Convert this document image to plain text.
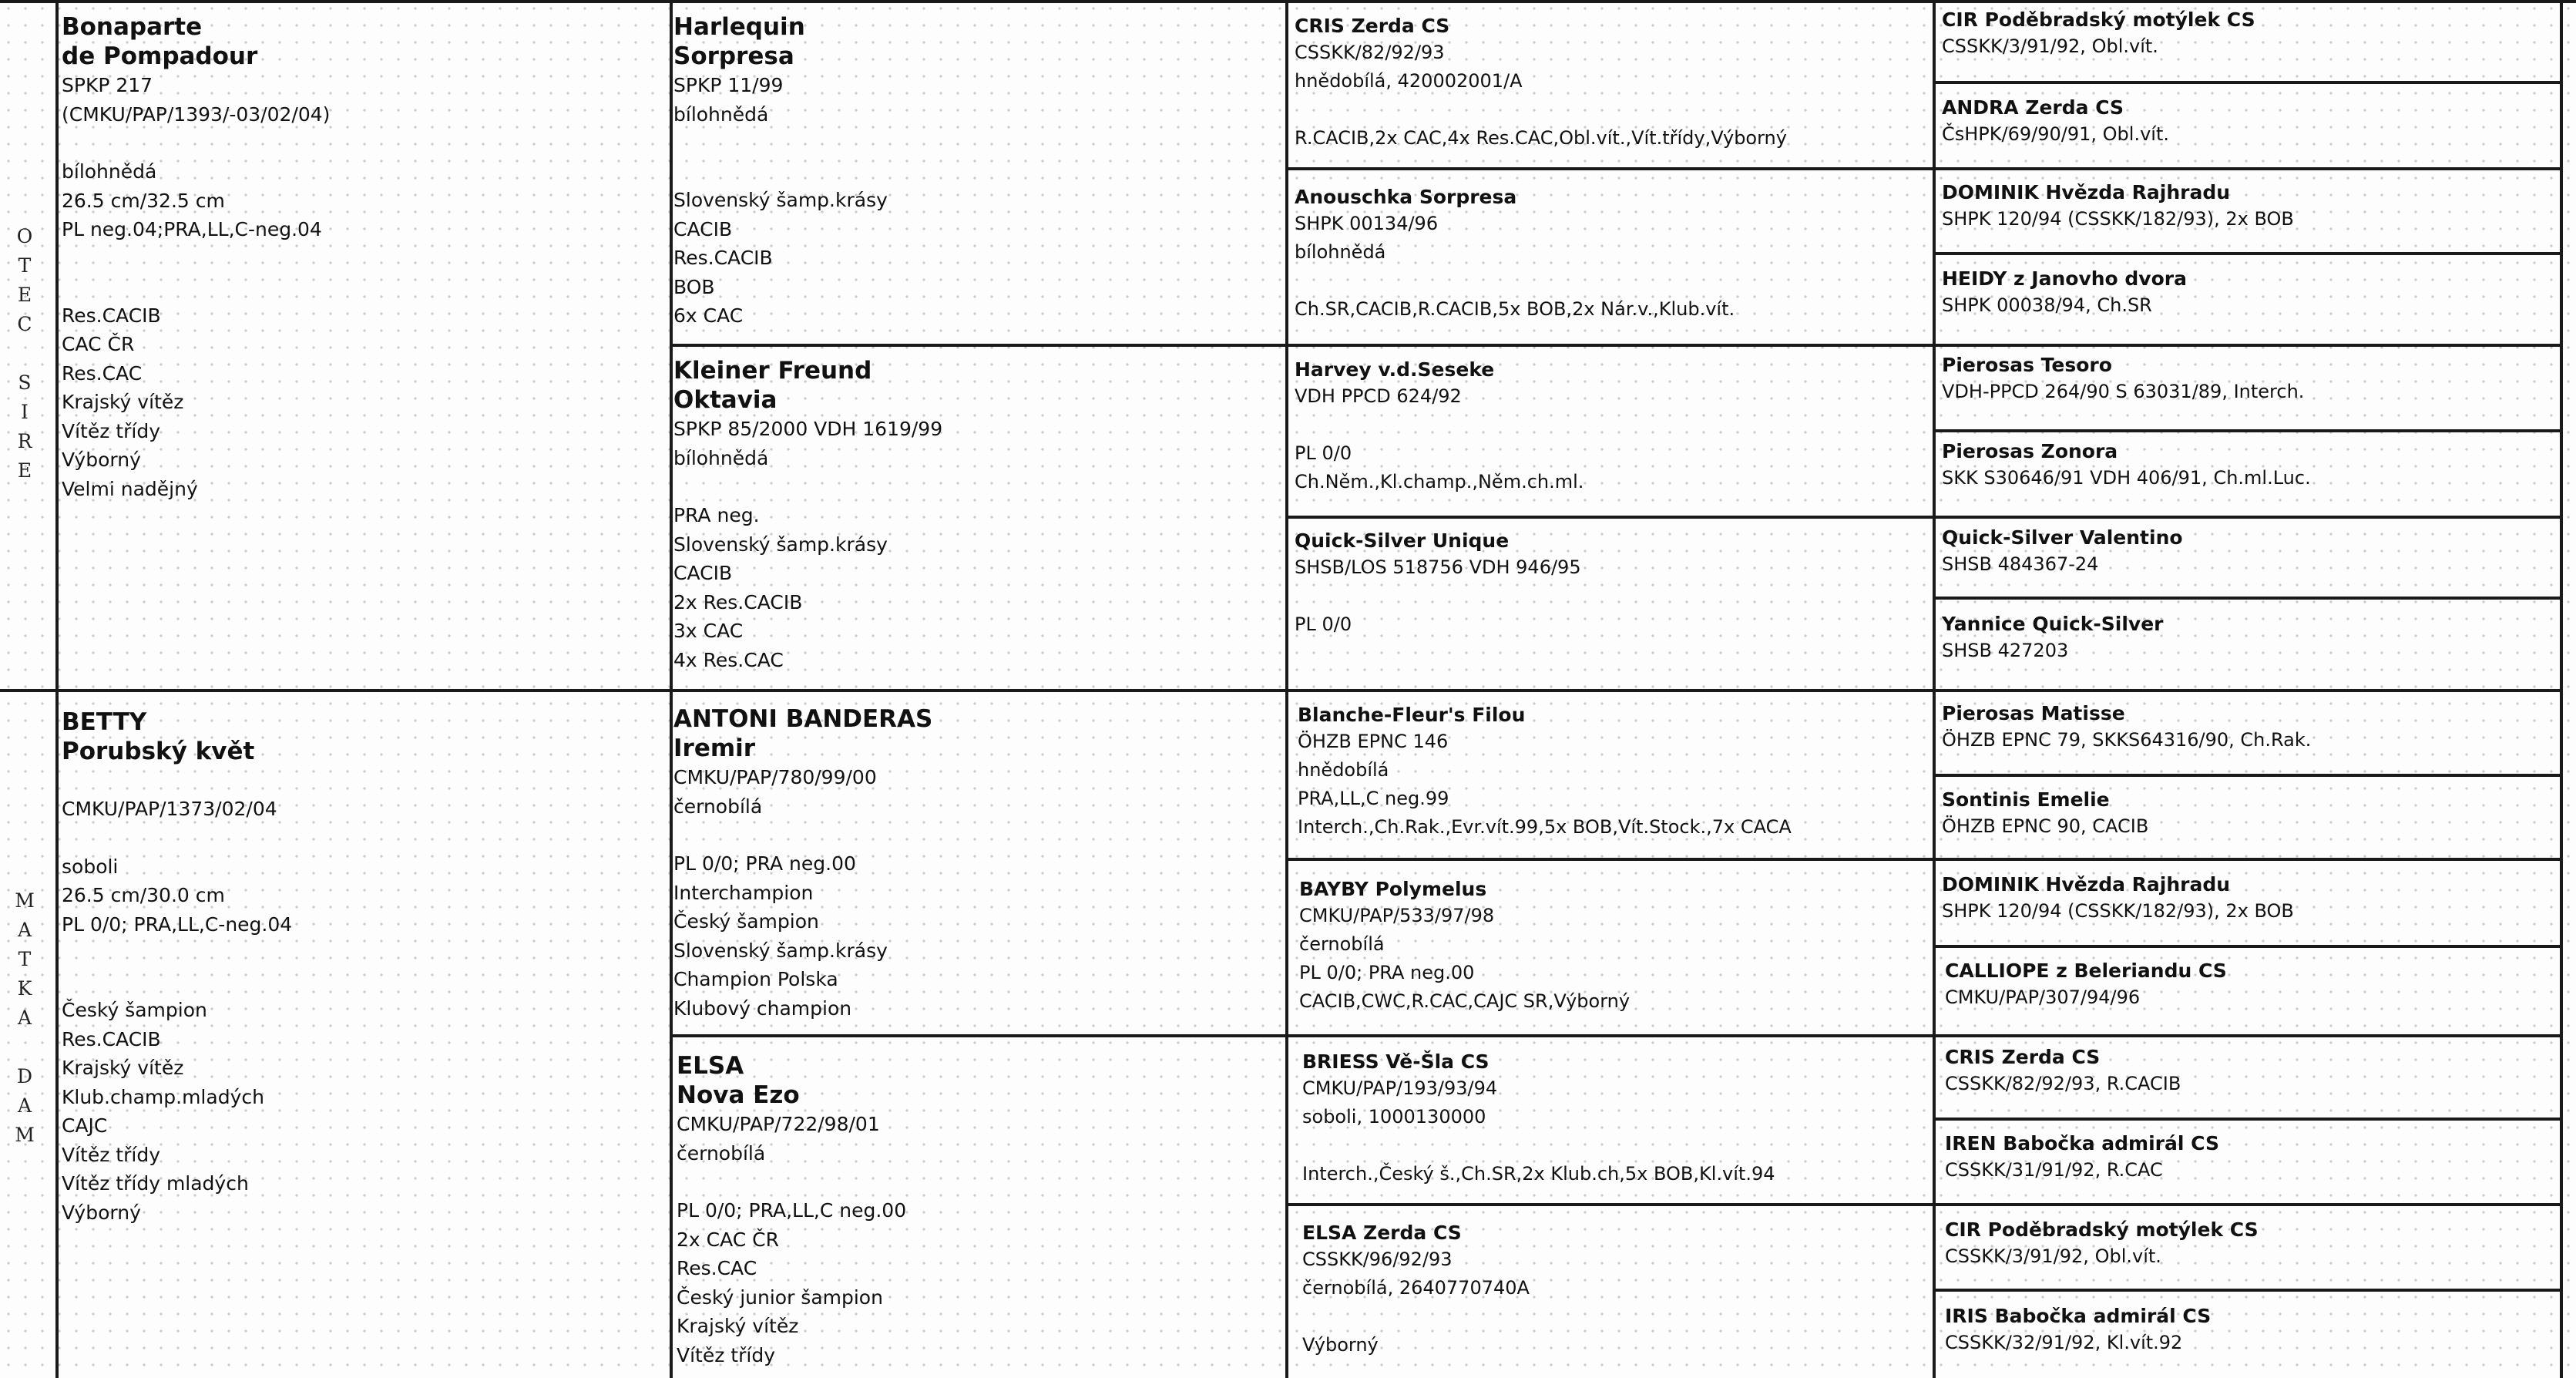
O
T
E
C
S
I
R
E
M
A
T
K
A
D
A
M

Bonaparte

de Pompadour

SPKP 217

(CMKU/PAP/1393/-03/02/04)

bílohnědá

26.5 cm/32.5 cm

PL neg.04;PRA,LL,C-neg.04

Res.CACIB

CAC ČR

Res.CAC

Krajský vítěz

Vítěz třídy

Výborný

Velmi nadějný

BETTY

Porubský květ

CMKU/PAP/1373/02/04

soboli

26.5 cm/30.0 cm

PL 0/0; PRA,LL,C-neg.04

Český šampion

Res.CACIB

Krajský vítěz

Klub.champ.mladých

CAJC

Vítěz třídy

Vítěz třídy mladých

Výborný

Harlequin

Sorpresa

SPKP 11/99

bílohnědá

Slovenský šamp.krásy

CACIB

Res.CACIB

BOB

6x CAC

Kleiner Freund

Oktavia

SPKP 85/2000 VDH 1619/99

bílohnědá

PRA neg.

Slovenský šamp.krásy

CACIB

2x Res.CACIB

3x CAC

4x Res.CAC

ANTONI BANDERAS

Iremir

CMKU/PAP/780/99/00

černobílá

PL 0/0; PRA neg.00

Interchampion

Český šampion

Slovenský šamp.krásy

Champion Polska

Klubový champion

ELSA

Nova Ezo

CMKU/PAP/722/98/01

černobílá

PL 0/0; PRA,LL,C neg.00

2x CAC ČR

Res.CAC

Český junior šampion

Krajský vítěz

Vítěz třídy

CRIS Zerda CS

CSSKK/82/92/93

hnědobílá, 420002001/A

R.CACIB,2x CAC,4x Res.CAC,Obl.vít.,Vít.třídy,Výborný

Anouschka Sorpresa

SHPK 00134/96

bílohnědá

Ch.SR,CACIB,R.CACIB,5x BOB,2x Nár.v.,Klub.vít.

Harvey v.d.Seseke

VDH PPCD 624/92

PL 0/0

Ch.Něm.,Kl.champ.,Něm.ch.ml.

Quick-Silver Unique

SHSB/LOS 518756 VDH 946/95

PL 0/0

Blanche-Fleur's Filou

ÖHZB EPNC 146

hnědobílá

PRA,LL,C neg.99

Interch.,Ch.Rak.,Evr.vít.99,5x BOB,Vít.Stock.,7x CACA

BAYBY Polymelus

CMKU/PAP/533/97/98

černobílá

PL 0/0; PRA neg.00

CACIB,CWC,R.CAC,CAJC SR,Výborný

BRIESS Vě-Šla CS

CMKU/PAP/193/93/94

soboli, 1000130000

Interch.,Český š.,Ch.SR,2x Klub.ch,5x BOB,Kl.vít.94

ELSA Zerda CS

CSSKK/96/92/93

černobílá, 2640770740A

Výborný

CIR Poděbradský motýlek CS

CSSKK/3/91/92, Obl.vít.

ANDRA Zerda CS

ČsHPK/69/90/91, Obl.vít.

DOMINIK Hvězda Rajhradu

SHPK 120/94 (CSSKK/182/93), 2x BOB

HEIDY z Janovho dvora

SHPK 00038/94, Ch.SR

Pierosas Tesoro

VDH-PPCD 264/90 S 63031/89, Interch.

Pierosas Zonora

SKK S30646/91 VDH 406/91, Ch.ml.Luc.

Quick-Silver Valentino

SHSB 484367-24

Yannice Quick-Silver

SHSB 427203

Pierosas Matisse

ÖHZB EPNC 79, SKKS64316/90, Ch.Rak.

Sontinis Emelie

ÖHZB EPNC 90, CACIB

DOMINIK Hvězda Rajhradu

SHPK 120/94 (CSSKK/182/93), 2x BOB

CALLIOPE z Beleriandu CS

CMKU/PAP/307/94/96

CRIS Zerda CS

CSSKK/82/92/93, R.CACIB

IREN Babočka admirál CS

CSSKK/31/91/92, R.CAC

CIR Poděbradský motýlek CS

CSSKK/3/91/92, Obl.vít.

IRIS Babočka admirál CS

CSSKK/32/91/92, Kl.vít.92
